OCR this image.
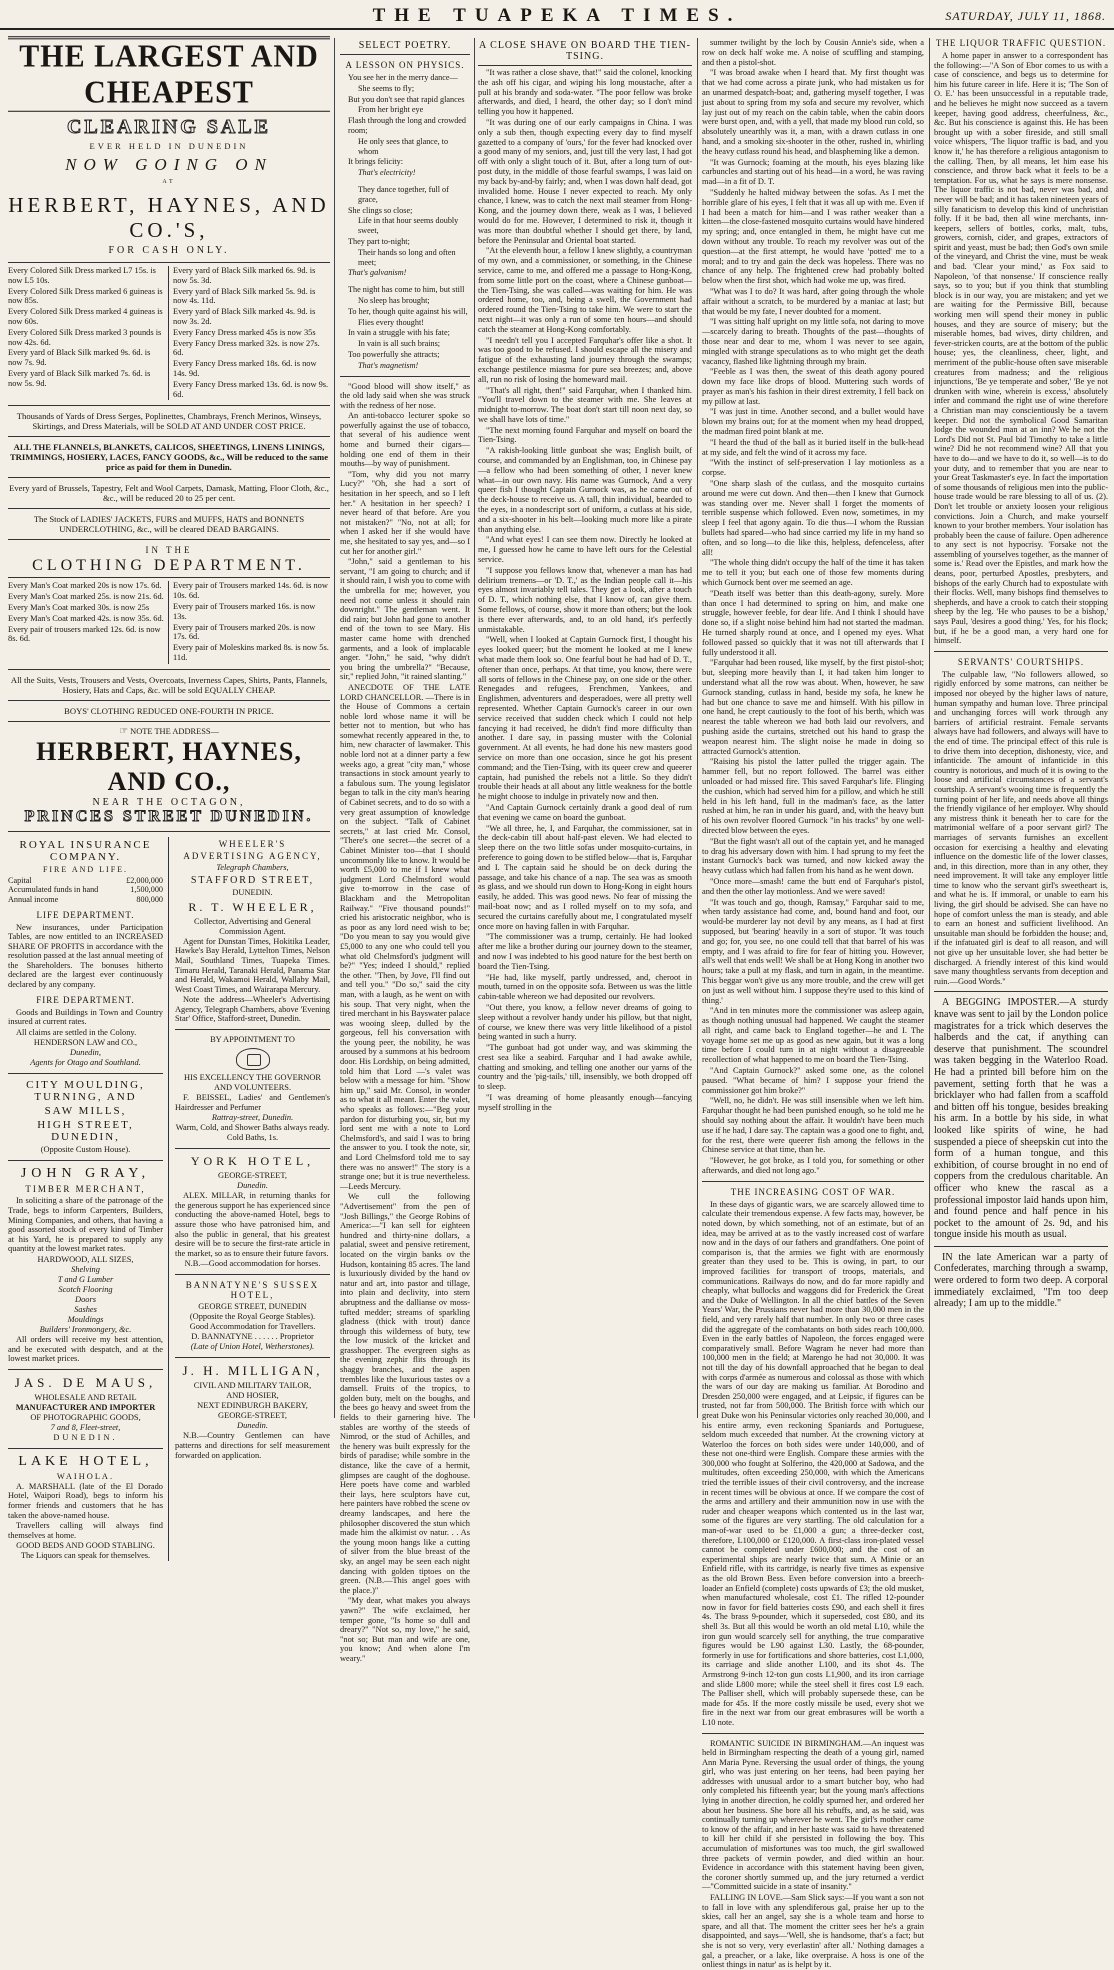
THE TUAPEKA TIMES.	SATURDAY, JULY 11, 1868.
THE LARGEST AND CHEAPEST
CLEARING SALE
EVER HELD IN DUNEDIN
NOW GOING ON
AT
HERBERT, HAYNES, AND CO.'S,
FOR CASH ONLY.
Every Colored Silk Dress marked L7 15s. is now L5 10s.
Every Colored Silk Dress marked 6 guineas is now 85s.
Every Colored Silk Dress marked 4 guineas is now 60s.
Every Colored Silk Dress marked 3 pounds is now 42s. 6d.
Every yard of Black Silk marked 9s. 6d. is now 7s. 9d.
Every yard of Black Silk marked 7s. 6d. is now 5s. 9d.
Every yard of Black Silk marked 6s. 9d. is now 5s. 3d.
Every yard of Black Silk marked 5s. 9d. is now 4s. 11d.
Every yard of Black Silk marked 4s. 9d. is now 3s. 2d.
Every Fancy Dress marked 45s is now 35s
Every Fancy Dress marked 32s. is now 27s. 6d.
Every Fancy Dress marked 18s. 6d. is now 14s. 9d.
Every Fancy Dress marked 13s. 6d. is now 9s. 6d.
Thousands of Yards of Dress Serges, Poplinettes, Chambrays, French Merinos, Winseys, Skirtings, and Dress Materials, will be SOLD AT AND UNDER COST PRICE.
ALL THE FLANNELS, BLANKETS, CALICOS, SHEETINGS, LINENS LININGS, TRIMMINGS, HOSIERY, LACES, FANCY GOODS, &c., Will be reduced to the same price as paid for them in Dunedin.
Every yard of Brussels, Tapestry, Felt and Wool Carpets, Damask, Matting, Floor Cloth, &c., &c., will be reduced 20 to 25 per cent.
The Stock of LADIES' JACKETS, FURS and MUFFS, HATS and BONNETS UNDERCLOTHING, &c., will be cleared DEAD BARGAINS.
IN THE
CLOTHING DEPARTMENT.
Every Man's Coat marked 20s is now 17s. 6d.
Every Man's Coat marked 25s. is now 21s. 6d.
Every Man's Coat marked 30s. is now 25s
Every Man's Coat marked 42s. is now 35s. 6d.
Every pair of trousers marked 12s. 6d. is now 8s. 6d.
Every pair of Trousers marked 14s. 6d. is now 10s. 6d.
Every pair of Trousers marked 16s. is now 13s.
Every pair of Trousers marked 20s. is now 17s. 6d.
Every pair of Moleskins marked 8s. is now 5s. 11d.
All the Suits, Vests, Trousers and Vests, Overcoats, Inverness Capes, Shirts, Pants, Flannels, Hosiery, Hats and Caps, &c. will be sold EQUALLY CHEAP.
BOYS' CLOTHING REDUCED ONE-FOURTH IN PRICE.
☞ NOTE THE ADDRESS—
HERBERT, HAYNES, AND CO.,
NEAR THE OCTAGON,
PRINCES STREET DUNEDIN.
ROYAL INSURANCE COMPANY.
FIRE AND LIFE.
Capital	£2,000,000
Accumulated funds in hand	1,500,000
Annual income	800,000
LIFE DEPARTMENT.

New insurances, under Participation Tables, are now entitled to an INCREASED SHARE OF PROFITS in accordance with the resolution passed at the last annual meeting of the Shareholders. The bonuses hitherto declared are the largest ever continuously declared by any company.

FIRE DEPARTMENT.

Goods and Buildings in Town and Country insured at current rates.

All claims are settled in the Colony.

HENDERSON LAW and CO.,
Dunedin,
Agents for Otago and Southland.
CITY MOULDING, TURNING, AND
SAW MILLS,
HIGH STREET, DUNEDIN,
(Opposite Custom House).
JOHN GRAY,
TIMBER MERCHANT,

In soliciting a share of the patronage of the Trade, begs to inform Carpenters, Builders, Mining Companies, and others, that having a good assorted stock of every kind of Timber at his Yard, he is prepared to supply any quantity at the lowest market rates.

HARDWOOD, ALL SIZES,
Shelving
T and G Lumber
Scotch Flooring
Doors
Sashes
Mouldings
Builders' Ironmongery, &c.

All orders will receive my best attention, and be executed with despatch, and at the lowest market prices.

JAS. DE MAUS,
WHOLESALE AND RETAIL
MANUFACTURER AND IMPORTER
OF PHOTOGRAPHIC GOODS,
7 and 8, Fleet-street,
DUNEDIN.
LAKE HOTEL,
WAIHOLA.

A. MARSHALL (late of the El Dorado Hotel, Waipori Road), begs to inform his former friends and customers that he has taken the above-named house.

Travellers calling will always find themselves at home.

GOOD BEDS AND GOOD STABLING.
The Liquors can speak for themselves.
WHEELER'S
ADVERTISING AGENCY,
Telegraph Chambers,
STAFFORD STREET,
DUNEDIN.
R. T. WHEELER,
Collector, Advertising and General Commission Agent.

Agent for Dunstan Times, Hokitika Leader, Hawke's Bay Herald, Lyttelton Times, Nelson Mail, Southland Times, Tuapeka Times. Timaru Herald, Taranaki Herald, Panama Star and Herald, Wakamoi Herald, Wallaby Mail, West Coast Times, and Wairarapa Mercury.

Note the address—Wheeler's Advertising Agency, Telegraph Chambers, above 'Evening Star' Office, Stafford-street, Dunedin.

BY APPOINTMENT TO
HIS EXCELLENCY THE GOVERNOR AND VOLUNTEERS.

F. BEISSEL, Ladies' and Gentlemen's Hairdresser and Perfumer

Rattray-street, Dunedin.
Warm, Cold, and Shower Baths always ready. Cold Baths, 1s.
YORK HOTEL,
GEORGE-STREET,
Dunedin.

ALEX. MILLAR, in returning thanks for the generous support he has experienced since conducting the above-named Hotel, begs to assure those who have patronised him, and also the public in general, that his greatest desire will be to secure the first-rate article in the market, so as to ensure their future favors.

N.B.—Good accommodation for horses.
BANNATYNE'S SUSSEX HOTEL,
GEORGE STREET, DUNEDIN
(Opposite the Royal George Stables).
Good Accommodation for Travellers.
D. BANNATYNE . . . . . . Proprietor
(Late of Union Hotel, Wetherstones).
J. H. MILLIGAN,
CIVIL AND MILITARY TAILOR,
AND HOSIER,
NEXT EDINBURGH BAKERY,
GEORGE-STREET,
Dunedin.

N.B.—Country Gentlemen can have patterns and directions for self measurement forwarded on application.

SELECT POETRY.
A LESSON ON PHYSICS.
You see her in the merry dance—
She seems to fly;
But you don't see that rapid glances
From her bright eye
Flash through the long and crowded room;
He only sees that glance, to whom
It brings felicity:
That's electricity!
They dance together, full of grace,
She clings so close;
Life in that hour seems doubly sweet,
They part to-night;
Their hands so long and often meet;
That's galvanism!
The night has come to him, but still
No sleep has brought;
To her, though quite against his will,
Flies every thought!
In vain a struggle with his fate;
In vain is all such brains;
Too powerfully she attracts;
That's magnetism!

"Good blood will show itself," as the old lady said when she was struck with the redness of her nose.

An anti-tobacco lecturer spoke so powerfully against the use of tobacco, that several of his audience went home and burned their cigars—holding one end of them in their mouths—by way of punishment.

"Tom, why did you not marry Lucy?" "Oh, she had a sort of hesitation in her speech, and so I left her." A hesitation in her speech? I never heard of that before. Are you not mistaken?" "No, not at all; for when I asked her if she would have me, she hesitated to say yes, and—so I cut her for another girl."

"John," said a gentleman to his servant, "I am going to church; and if it should rain, I wish you to come with the umbrella for me; however, you need not come unless it should rain downright." The gentleman went. It did rain; but John had gone to another end of the town to see Mary. His master came home with drenched garments, and a look of implacable anger. "John," he said, "why didn't you bring the umbrella?" "Because, sir," replied John, "it rained slanting."

ANECDOTE OF THE LATE LORD CHANCELLOR. —There is in the House of Commons a certain noble lord whose name it will be better not to mention, but who has somewhat recently appeared in the, to him, new character of lawmaker. This noble lord not at a dinner party a few weeks ago, a great "city man," whose transactions in stock amount yearly to a fabulous sum. The young legislator began to talk in the city man's hearing of Cabinet secrets, and to do so with a very great assumption of knowledge on the subject. "Talk of Cabinet secrets," at last cried Mr. Consol, "There's one secret—the secret of a Cabinet Minister too—that I should uncommonly like to know. It would be worth £5,000 to me if I knew what judgment Lord Chelmsford would give to-morrow in the case of Blackham and the Metropolitan Railway." "Five thousand pounds!" cried his aristocratic neighbor, who is as poor as any lord need wish to be; "Do you mean to say you would give £5,000 to any one who could tell you what old Chelmsford's judgment will be?" "Yes; indeed I should," replied the other. "Then, by Jove, I'll find out and tell you." "Do so," said the city man, with a laugh, as he went on with his soup. That very night, when the tired merchant in his Bayswater palace was wooing sleep, dulled by the gorgeous, fell his conversation with the young peer, the nobility, he was aroused by a summons at his bedroom door. His Lordship, on being admitted, told him that Lord —'s valet was below with a message for him. "Show him up," said Mr. Consol, in wonder as to what it all meant. Enter the valet, who speaks as follows:—"Beg your pardon for disturbing you, sir, but my lord sent me with a note to Lord Chelmsford's, and said I was to bring the answer to you. I took the note, sir, and Lord Chelmsford told me to say there was no answer!" The story is a strange one; but it is true nevertheless.—Leeds Mercury.

We cull the following "Advertisement" from the pen of "Josh Billings," the George Robins of America:—"I kan sell for eighteen hundred and thirty-nine dollars, a palatial, sweet and pensive retirement, located on the virgin banks ov the Hudson, kontaining 85 acres. The land is luxuriously divided by the hand ov natur and art, into pastor and tillage, into plain and declivity, into stern abruptness and the dallianse ov moss-tufted medder; streams of sparkling gladness (thick with trout) dance through this wilderness of buty, tew the low musick of the kricket and grasshopper. The evergreen sighs as the evening zephir flits through its shaggy branches, and the aspen trembles like the luxurious tastes ov a damsell. Fruits of the tropics, to golden buty, melt on the boughs, and the bees go heavy and sweet from the fields to their garnering hive. The stables are worthy of the steeds of Nimrod, or the stud of Achilles, and the henery was built expressly for the birds of paradise; while sombre in the distance, like the cave of a hermit, glimpses are caught of the doghouse. Here poets have come and warbled their lays, here sculptors have cut, here painters have robbed the scene ov dreamy landscapes, and here the philosopher discovered the stun which made him the alkimist ov natur. . . As the young moon hangs like a cutting of silver from the blue breast of the sky, an angel may be seen each night dancing with golden tiptoes on the green. (N.B.—This angel goes with the place.)"

"My dear, what makes you always yawn?" The wife exclaimed, her temper gone, "Is home so dull and dreary?" "Not so, my love," he said, "not so; But man and wife are one, you know; And when alone I'm weary."

A CLOSE SHAVE ON BOARD THE TIEN-TSING.
"It was rather a close shave, that!" said the colonel, knocking the ash off his cigar, and wiping his long moustache, after a pull at his brandy and soda-water. "The poor fellow was broke afterwards, and died, I heard, the other day; so I don't mind telling you how it happened.
"It was during one of our early campaigns in China. I was only a sub then, though expecting every day to find myself gazetted to a company of 'ours,' for the fever had knocked over a good many of my seniors, and, just till the very last, I had got off with only a slight touch of it. But, after a long turn of out-post duty, in the middle of those fearful swamps, I was laid on my back by-and-by fairly; and, when I was down half dead, got invalided home. House I never expected to reach. My only chance, I knew, was to catch the next mail steamer from Hong-Kong, and the journey down there, weak as I was, I believed would do for me. However, I determined to risk it, though it was more than doubtful whether I should get there, by land, before the Peninsular and Oriental boat started.
"At the eleventh hour, a fellow I knew slightly, a countryman of my own, and a commissioner, or something, in the Chinese service, came to me, and offered me a passage to Hong-Kong, from some little port on the coast, where a Chinese gunboat—the Tien-Tsing, she was called—was waiting for him. He was ordered home, too, and, being a swell, the Government had ordered round the Tien-Tsing to take him. We were to start the next night—it was only a run of some ten hours—and should catch the steamer at Hong-Kong comfortably.
"I needn't tell you I accepted Farquhar's offer like a shot. It was too good to be refused. I should escape all the misery and fatigue of the exhausting land journey through the swamps; exchange pestilence miasma for pure sea breezes; and, above all, run no risk of losing the homeward mail.
"That's all right, then!" said Farquhar, when I thanked him. "You'll travel down to the steamer with me. She leaves at midnight to-morrow. The boat don't start till noon next day, so we shall have lots of time."
"The next morning found Farquhar and myself on board the Tien-Tsing.
"A rakish-looking little gunboat she was; English built, of course, and commanded by an Englishman, too, in Chinese pay—a fellow who had been something of other, I never knew what—in our own navy. His name was Gurnock, And a very queer fish I thought Captain Gurnock was, as he came out of the deck-house to receive us. A tall, thin individual, bearded to the eyes, in a nondescript sort of uniform, a cutlass at his side, and a six-shooter in his belt—looking much more like a pirate than anything else.
"And what eyes! I can see them now. Directly he looked at me, I guessed how he came to have left ours for the Celestial service.
"I suppose you fellows know that, whenever a man has had delirium tremens—or 'D. T.,' as the Indian people call it—his eyes almost invariably tell tales. They get a look, after a touch of D. T., which nothing else, that I know of, can give them. Some fellows, of course, show it more than others; but the look is there ever afterwards, and, to an old hand, it's perfectly unmistakable.
"Well, when I looked at Captain Gurnock first, I thought his eyes looked queer; but the moment he looked at me I knew what made them look so. One fearful bout he had had of D. T., oftener than once, perhaps. At that time, you know, there were all sorts of fellows in the Chinese pay, on one side or the other. Renegades and refugees, Frenchmen, Yankees, and Englishmen, adventurers and desperadoes, were all pretty well represented. Whether Captain Gurnock's career in our own service received that sudden check which I could not help fancying it had received, he didn't find more difficulty than another. I dare say, in passing muster with the Colonial government. At all events, he had done his new masters good service on more than one occasion, since he got his present command; and the Tien-Tsing, with its queer crew and queerer captain, had punished the rebels not a little. So they didn't trouble their heads at all about any little weakness for the bottle he might choose to indulge in privately now and then.
"And Captain Gurnock certainly drank a good deal of rum that evening we came on board the gunboat.
"We all three, he, I, and Farquhar, the commissioner, sat in the deck-cabin till about half-past eleven. We had elected to sleep there on the two little sofas under mosquito-curtains, in preference to going down to be stifled below—that is, Farquhar and I. The captain said he should be on deck during the passage, and take his chance of a nap. The sea was as smooth as glass, and we should run down to Hong-Kong in eight hours easily, he added. This was good news. No fear of missing the mail-boat now; and as I rolled myself on to my sofa, and secured the curtains carefully about me, I congratulated myself once more on having fallen in with Farquhar.
"The commissioner was a trump, certainly. He had looked after me like a brother during our journey down to the steamer, and now I was indebted to his good nature for the best berth on board the Tien-Tsing.
"He had, like myself, partly undressed, and, cheroot in mouth, turned in on the opposite sofa. Between us was the little cabin-table whereon we had deposited our revolvers.
"Out there, you know, a fellow never dreams of going to sleep without a revolver handy under his pillow, but that night, of course, we knew there was very little likelihood of a pistol being wanted in such a hurry.
"The gunboat had got under way, and was skimming the crest sea like a seabird. Farquhar and I had awake awhile, chatting and smoking, and telling one another our yarns of the country and the 'pig-tails,' till, insensibly, we both dropped off to sleep.
"I was dreaming of home pleasantly enough—fancying myself strolling in the
summer twilight by the loch by Cousin Annie's side, when a row on deck half woke me. A noise of scuffling and stamping, and then a pistol-shot.
"I was broad awake when I heard that. My first thought was that we had come across a pirate junk, who had mistaken us for an unarmed despatch-boat; and, gathering myself together, I was just about to spring from my sofa and secure my revolver, which lay just out of my reach on the cabin table, when the cabin doors were burst open, and, with a yell, that made my blood run cold, so absolutely unearthly was it, a man, with a drawn cutlass in one hand, and a smoking six-shooter in the other, rushed in, whirling the heavy cutlass round his head, and blaspheming like a demon.
"It was Gurnock; foaming at the mouth, his eyes blazing like carbuncles and starting out of his head—in a word, he was raving mad—in a fit of D. T.
"Suddenly he halted midway between the sofas. As I met the horrible glare of his eyes, I felt that it was all up with me. Even if I had been a match for him—and I was rather weaker than a kitten—the close-fastened mosquito curtains would have hindered my spring; and, once entangled in them, he might have cut me down without any trouble. To reach my revolver was out of the question—at the first attempt, he would have 'potted' me to a moral; and to try and gain the deck was hopeless. There was no chance of any help. The frightened crew had probably bolted below when the first shot, which had woke me up, was fired.
"What was I to do? It was hard, after going through the whole affair without a scratch, to be murdered by a maniac at last; but that would be my fate, I never doubted for a moment.
"I was sitting half upright on my little sofa, not daring to move—scarcely daring to breath. Thoughts of the past—thoughts of those near and dear to me, whom I was never to see again, mingled with strange speculations as to who might get the death vacancy, flashed like lightning through my brain.
"Feeble as I was then, the sweat of this death agony poured down my face like drops of blood. Muttering such words of prayer as man's his fashion in their direst extremity, I fell back on my pillow at last.
"I was just in time. Another second, and a bullet would have blown my brains out; for at the moment when my head dropped, the madman fired point blank at me.
"I heard the thud of the ball as it buried itself in the bulk-head at my side, and felt the wind of it across my face.
"With the instinct of self-preservation I lay motionless as a corpse.
"One sharp slash of the cutlass, and the mosquito curtains around me were cut down. And then—then I knew that Gurnock was standing over me. Never shall I forget the moments of terrible suspense which followed. Even now, sometimes, in my sleep I feel that agony again. To die thus—I whom the Russian bullets had spared—who had since carried my life in my hand so often, and so long—to die like this, helpless, defenceless, after all!
"The whole thing didn't occupy the half of the time it has taken me to tell it you; but each one of those few moments during which Gurnock bent over me seemed an age.
"Death itself was better than this death-agony, surely. More than once I had determined to spring on him, and make one struggle, however feeble, for dear life. And I think I should have done so, if a slight noise behind him had not started the madman. He turned sharply round at once, and I opened my eyes. What followed passed so quickly that it was not till afterwards that I fully understood it all.
"Farquhar had been roused, like myself, by the first pistol-shot; but, sleeping more heavily than I, it had taken him longer to understand what all the row was about. When, however, he saw Gurnock standing, cutlass in hand, beside my sofa, he knew he had but one chance to save me and himself. With his pillow in one hand, he crept cautiously to the foot of his berth, which was nearest the table whereon we had both laid our revolvers, and pushing aside the curtains, stretched out his hand to grasp the weapon nearest him. The slight noise he made in doing so attracted Gurnock's attention.
"Raising his pistol the latter pulled the trigger again. The hammer fell, but no report followed. The barrel was either unloaded or had missed fire. This saved Farquhar's life. Flinging the cushion, which had served him for a pillow, and which he still held in his left hand, full in the madman's face, as the latter rushed at him, he ran in under his guard, and, with the heavy butt of his own revolver floored Gurnock "in his tracks" by one well-directed blow between the eyes.
"But the fight wasn't all out of the captain yet, and he managed to drag his adversary down with him. I had sprung to my feet the instant Gurnock's back was turned, and now kicked away the heavy cutlass which had fallen from his hand as he went down.
"Once more—smash! came the butt end of Farquhar's pistol, and then the other lay motionless. And we were saved!
"It was touch and go, though, Ramsay," Farquhar said to me, when tardy assistance had come, and, bound hand and foot, our would-be murderer lay not devil by any means, as I had at first supposed, but 'bearing' heavily in a sort of stupor. 'It was touch and go; for, you see, no one could tell that that barrel of his was empty, and I was afraid to fire for fear of hitting you. However, all's well that ends well! We shall be at Hong Kong in another two hours; take a pull at my flask, and turn in again, in the meantime. This beggar won't give us any more trouble, and the crew will get on just as well without him. I suppose they're used to this kind of thing.'
"And in ten minutes more the commissioner was asleep again, as though nothing unusual had happened. We caught the steamer all right, and came back to England together—he and I. The voyage home set me up as good as new again, but it was a long time before I could turn in at night without a disagreeable recollection of what happened to me on board the Tien-Tsing.
"And Captain Gurnock?" asked some one, as the colonel paused. "What became of him? I suppose your friend the commissioner got him broke?"
"Well, no, he didn't. He was still insensible when we left him. Farquhar thought he had been punished enough, so he told me he should say nothing about the affair. It wouldn't have been much use if he had, I dare say. The captain was a good one to fight, and, for the rest, there were queerer fish among the fellows in the Chinese service at that time, than he.
"However, he got broke, as I told you, for something or other afterwards, and died not long ago."
THE INCREASING COST OF WAR.

In these days of gigantic wars, we are scarcely allowed time to calculate their tremendous expense. A few facts may, however, be noted down, by which something, not of an estimate, but of an idea, may be arrived at as to the vastly increased cost of warfare now and in the days of our fathers and grandfathers. One point of comparison is, that the armies we fight with are enormously greater than they used to be. This is owing, in part, to our improved facilities for transport of troops, materials, and communications. Railways do now, and do far more rapidly and cheaply, what bullocks and waggons did for Frederick the Great and the Duke of Wellington. In all the chief battles of the Seven Years' War, the Prussians never had more than 30,000 men in the field, and very rarely half that number. In only two or three cases did the aggregate of the combatants on both sides reach 100,000. Even in the early battles of Napoleon, the forces engaged were comparatively small. Before Wagram he never had more than 100,000 men in the field; at Marengo he had not 30,000. It was not till the day of his downfall approached that he began to deal with corps d'armée as numerous and colossal as those with which the wars of our day are making us familiar. At Borodino and Dresden 250,000 were engaged, and at Leipsic, if figures can be trusted, not far from 500,000. The British force with which our great Duke won his Peninsular victories only reached 30,000, and his entire army, even reckoning Spaniards and Portuguese, seldom much exceeded that number. At the crowning victory at Waterloo the forces on both sides were under 140,000, and of these not one-third were English. Compare these armies with the 300,000 who fought at Solferino, the 420,000 at Sadowa, and the multitudes, often exceeding 250,000, with which the Americans tried the terrible issues of their civil controversy, and the increase in recent times will be obvious at once. If we compare the cost of the arms and artillery and their ammunition now in use with the ruder and cheaper weapons which contented us in the last war, some of the figures are very startling. The old calculation for a man-of-war used to be £1,000 a gun; a three-decker cost, therefore, L100,000 or £120,000. A first-class iron-plated vessel cannot be completed under £600,000; and the cost of an experimental ships are nearly twice that sum. A Minie or an Enfield rifle, with its cartridge, is nearly five times as expensive as the old Brown Bess. Even before conversion into a breech-loader an Enfield (complete) costs upwards of £3; the old musket, when manufactured wholesale, cost £1. The rifled 12-pounder now in favor for field batteries costs £90, and each shell it fires 4s. The brass 9-pounder, which it superseded, cost £80, and its shell 3s. But all this would be worth an old metal L10, while the iron gun would scarcely sell for anything, the true comparative figures would be L90 against L30. Lastly, the 68-pounder, formerly in use for fortifications and shore batteries, cost L1,000, its carriage and slide another L100, and its shot 4s. The Armstrong 9-inch 12-ton gun costs L1,900, and its iron carriage and slide L800 more; while the steel shell it fires cost L9 each. The Palliser shell, which will probably supersede these, can be made for 45s. If the more costly missile be used, every shot we fire in the next war from our great embrasures will be worth a L10 note.

ROMANTIC SUICIDE IN BIRMINGHAM.—An inquest was held in Birmingham respecting the death of a young girl, named Ann Maria Pyne. Reversing the usual order of things, the young girl, who was just entering on her teens, had been paying her addresses with unusual ardor to a smart butcher boy, who had only completed his fifteenth year; but the young man's affections lying in another direction, he coldly spurned her, and ordered her about her business. She bore all his rebuffs, and, as he said, was continually turning up wherever he went. The girl's mother came to know of the affair, and in her haste was said to have threatened to kill her child if she persisted in following the boy. This accumulation of misfortunes was too much, the girl swallowed three packets of vermin powder, and died within an hour. Evidence in accordance with this statement having been given, the coroner shortly summed up, and the jury returned a verdict—"Committed suicide in a state of insanity."

FALLING IN LOVE.—Sam Slick says:—If you want a son not to fall in love with any splendiferous gal, praise her up to the skies, call her an angel, say she is a whole team and horse to spare, and all that. The moment the critter sees her he's a grain disappointed, and says—'Well, she is handsome, that's a fact; but she is not so very, very everlastin' after all.' Nothing damages a gal, a preacher, or a lake, like overpraise. A hoss is one of the onliest things in natur' as is helpt by it.

THE LIQUOR TRAFFIC QUESTION.

A home paper in answer to a correspondent has the following:—"A Son of Ebor comes to us with a case of conscience, and begs us to determine for him his future career in life. Here it is; 'The Son of O. E.' has been unsuccessful in a reputable trade, and he believes he might now succeed as a tavern keeper, having good address, cheerfulness, &c., &c. But his conscience is against this. He has been brought up with a sober fireside, and still small voice whispers, 'The liquor traffic is bad, and you know it,' he has therefore a religious antagonism to the calling. Then, by all means, let him ease his conscience, and throw back what it feels to be a temptation. For us, what he says is mere nonsense. The liquor traffic is not bad, never was bad, and never will be bad; and it has taken nineteen years of silly fanaticism to develop this kind of unchristian folly. If it be bad, then all wine merchants, inn-keepers, sellers of bottles, corks, malt, tubs, growers, cornish, cider, and grapes, extractors of spirit and yeast, must be bad; then God's own smile of the vineyard, and Christ the vine, must be weak and bad. 'Clear your mind,' as Fox said to Napoleon, 'of that nonsense.' If conscience really says, so to you; but if you think that stumbling block is in our way, you are mistaken; and yet we are waiting for the Permissive Bill, because working men will spend their money in public houses, and they are source of misery; but the miserable homes, bad wives, dirty children, and fever-stricken courts, are at the bottom of the public house; yes, the cleanliness, cheer, light, and merriment of the public-house often save miserable creatures from madness; and the religious injunctions, 'Be ye temperate and sober,' 'Be ye not drunken with wine, wherein is excess,' absolutely infer and command the right use of wine therefore a Christian man may conscientiously be a tavern keeper. Did not the symbolical Good Samaritan lodge the wounded man at an inn? We he not the Lord's Did not St. Paul bid Timothy to take a little wine? Did he not recommend wine? All that you have to do—and we have to do it, so well—is to do your duty, and to remember that you are near to your Great Taskmaster's eye. In fact the importation of some thousands of religious men into the public-house trade would be rare blessing to all of us. (2). Don't let trouble or anxiety loosen your religious convictions. Join a Church, and make yourself known to your brother members. Your isolation has probably been the cause of failure. Open adherence to any sect is not hypocrisy. 'Forsake not the assembling of yourselves together, as the manner of some is.' Read over the Epistles, and mark how the deans, poor, perturbed Apostles, presbyters, and bishops of the early Church had to expostulate with their flocks. Well, many bishops find themselves to shepherds, and have a crook to catch their stopping sheep by the leg. 'He who pauses to be a bishop,' says Paul, 'desires a good thing.' Yes, for his flock; but, if he be a good man, a very hard one for himself.

SERVANTS' COURTSHIPS.

The culpable law, "No followers allowed, so rigidly enforced by some matrons, can neither be imposed nor obeyed by the higher laws of nature, human sympathy and human love. Three principal and unchanging forces will work through any barriers of artificial restraint. Female servants always have had followers, and always will have to the end of time. The principal effect of this rule is to drive them into deception, dishonesty, vice, and infanticide. The amount of infanticide in this country is notorious, and much of it is owing to the loose and artificial circumstances of a servant's courtship. A servant's wooing time is frequently the turning point of her life, and needs above all things the friendly vigilance of her employer. Why should any mistress think it beneath her to care for the matrimonial welfare of a poor servant girl? The marriages of servants furnishes an excellent occasion for exercising a healthy and elevating influence on the domestic life of the lower classes, and, in this direction, more than in any other, they need improvement. It will take any employer little time to know who the servant girl's sweetheart is, and what he is. If immoral, or unable to earn his living, the girl should be advised. She can have no hope of comfort unless the man is steady, and able to earn an honest and sufficient livelihood. An unsuitable man should be forbidden the house; and, if the infatuated girl is deaf to all reason, and will not give up her unsuitable lover, she had better be discharged. A friendly interest of this kind would save many thoughtless servants from deception and ruin.—Good Words."

A BEGGING IMPOSTER.—A sturdy knave was sent to jail by the London police magistrates for a trick which deserves the halberds and the cat, if anything can deserve that punishment. The scoundrel was taken begging in the Waterloo Road. He had a printed bill before him on the pavement, setting forth that he was a bricklayer who had fallen from a scaffold and bitten off his tongue, besides breaking his arm. In a bottle by his side, in what looked like spirits of wine, he had suspended a piece of sheepskin cut into the form of a human tongue, and this exhibition, of course brought in no end of coppers from the credulous charitable. An officer who knew the rascal as a professional impostor laid hands upon him, and found pence and half pence in his pocket to the amount of 2s. 9d, and his tongue inside his mouth as usual.

IN the late American war a party of Confederates, marching through a swamp, were ordered to form two deep. A corporal immediately exclaimed, "I'm too deep already; I am up to the middle."
